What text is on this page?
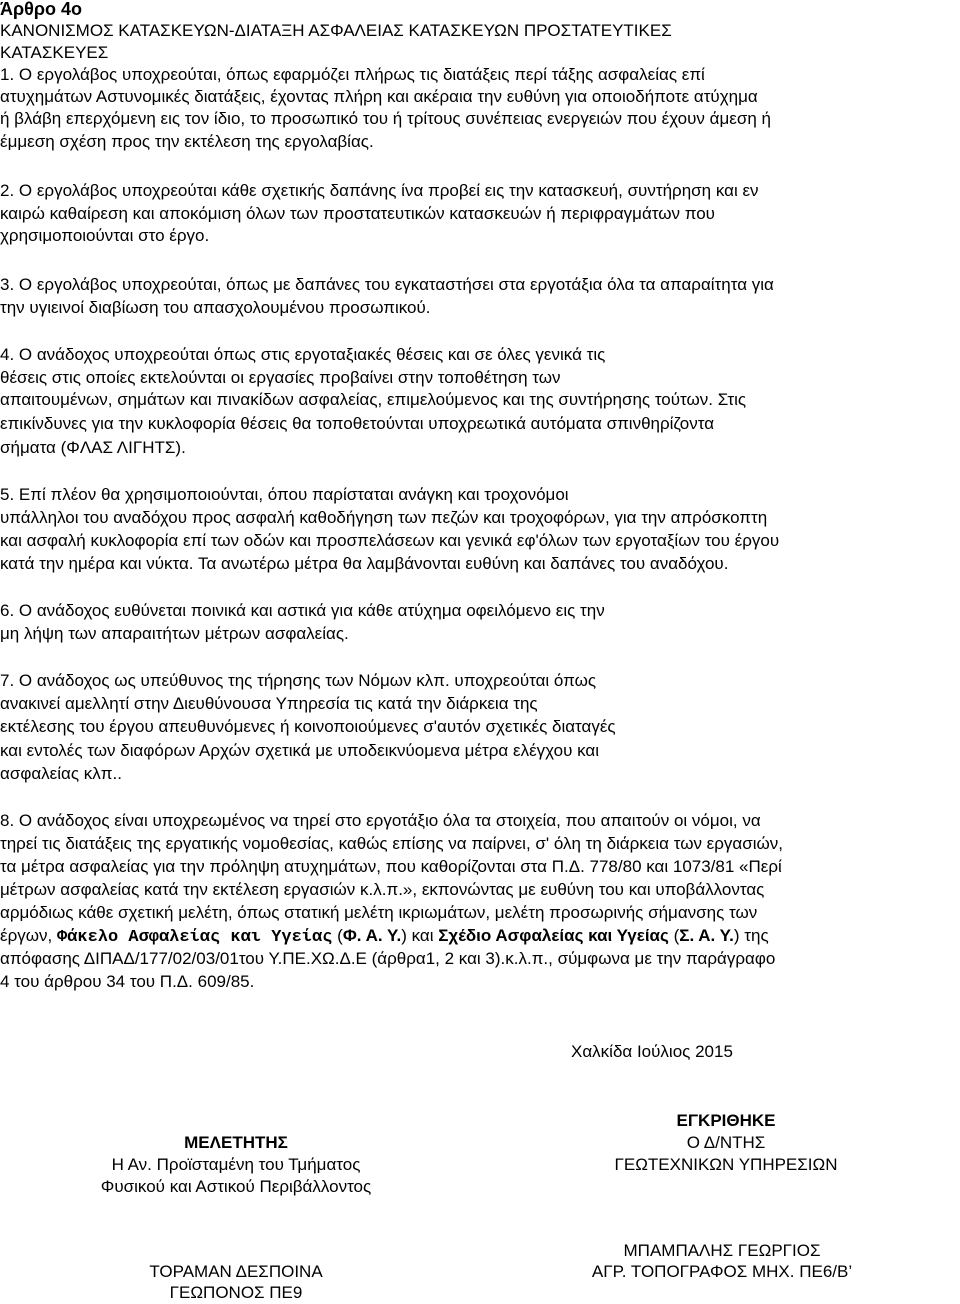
Άρθρο 4ο
ΚΑΝΟΝΙΣΜΟΣ ΚΑΤΑΣΚΕΥΩΝ-ΔΙΑΤΑΞΗ ΑΣΦΑΛΕΙΑΣ ΚΑΤΑΣΚΕΥΩΝ ΠΡΟΣΤΑΤΕΥΤΙΚΕΣ
ΚΑΤΑΣΚΕΥΕΣ
1. Ο εργολάβος υποχρεούται, όπως εφαρμόζει πλήρως τις διατάξεις περί τάξης ασφαλείας επί
ατυχημάτων Αστυνομικές διατάξεις, έχοντας πλήρη και ακέραια την ευθύνη για οποιοδήποτε ατύχημα
ή βλάβη επερχόμενη εις τον ίδιο, το προσωπικό του ή τρίτους συνέπειας ενεργειών που έχουν άμεση ή
έμμεση σχέση προς την εκτέλεση της εργολαβίας.
2. Ο εργολάβος υποχρεούται κάθε σχετικής δαπάνης ίνα προβεί εις την κατασκευή, συντήρηση και εν
καιρώ καθαίρεση και αποκόμιση όλων των προστατευτικών κατασκευών ή περιφραγμάτων που
χρησιμοποιούνται στο έργο.
3. Ο εργολάβος υποχρεούται, όπως με δαπάνες του εγκαταστήσει στα εργοτάξια όλα τα απαραίτητα για
την υγιεινοί διαβίωση του απασχολουμένου προσωπικού.
4. Ο ανάδοχος υποχρεούται όπως στις εργοταξιακές θέσεις και σε όλες γενικά τις
θέσεις στις οποίες εκτελούνται οι εργασίες προβαίνει στην τοποθέτηση των
απαιτουμένων, σημάτων και πινακίδων ασφαλείας, επιμελούμενος και της συντήρησης τούτων. Στις
επικίνδυνες για την κυκλοφορία θέσεις θα τοποθετούνται υποχρεωτικά αυτόματα σπινθηρίζοντα
σήματα (ΦΛΑΣ ΛΙΓΗΤΣ).
5. Επί πλέον θα χρησιμοποιούνται, όπου παρίσταται ανάγκη και τροχονόμοι
υπάλληλοι του αναδόχου προς ασφαλή καθοδήγηση των πεζών και τροχοφόρων, για την απρόσκοπτη
και ασφαλή κυκλοφορία επί των οδών και προσπελάσεων και γενικά εφ'όλων των εργοταξίων του έργου
κατά την ημέρα και νύκτα. Τα ανωτέρω μέτρα θα λαμβάνονται ευθύνη και δαπάνες του αναδόχου.
6. Ο ανάδοχος ευθύνεται ποινικά και αστικά για κάθε ατύχημα οφειλόμενο εις την
μη λήψη των απαραιτήτων μέτρων ασφαλείας.
7. Ο ανάδοχος ως υπεύθυνος της τήρησης των Νόμων κλπ. υποχρεούται όπως
ανακινεί αμελλητί στην Διευθύνουσα Υπηρεσία τις κατά την διάρκεια της
εκτέλεσης του έργου απευθυνόμενες ή κοινοποιούμενες σ'αυτόν σχετικές διαταγές
και εντολές των διαφόρων Αρχών σχετικά με υποδεικνύομενα μέτρα ελέγχου και
ασφαλείας κλπ..
8. Ο ανάδοχος είναι υποχρεωμένος να τηρεί στο εργοτάξιο όλα τα στοιχεία, που απαιτούν οι νόμοι, να
τηρεί τις διατάξεις της εργατικής νομοθεσίας, καθώς επίσης να παίρνει, σ' όλη τη διάρκεια των εργασιών,
τα μέτρα ασφαλείας για την πρόληψη ατυχημάτων, που καθορίζονται στα Π.Δ. 778/80 και 1073/81 «Περί
μέτρων ασφαλείας κατά την εκτέλεση εργασιών κ.λ.π.», εκπονώντας με ευθύνη του και υποβάλλοντας
αρμόδιως κάθε σχετική μελέτη, όπως στατική μελέτη ικριωμάτων, μελέτη προσωρινής σήμανσης των
έργων, Φάκελο Ασφαλείας και Υγείας (Φ. Α. Υ.) και Σχέδιο Ασφαλείας και Υγείας (Σ. Α. Υ.) της
απόφασης ΔΙΠΑΔ/177/02/03/01του Υ.ΠΕ.ΧΩ.Δ.Ε (άρθρα1, 2 και 3).κ.λ.π., σύμφωνα με την παράγραφο
4 του άρθρου 34 του Π.Δ. 609/85.
Χαλκίδα Ιούλιος 2015
ΜΕΛΕΤΗΤΗΣ
Η Αν. Προϊσταμένη του Τμήματος
Φυσικού και Αστικού Περιβάλλοντος
ΤΟΡΑΜΑΝ ΔΕΣΠΟΙΝΑ
ΓΕΩΠΟΝΟΣ ΠΕ9
ΕΓΚΡΙΘΗΚΕ
Ο Δ/ΝΤΗΣ
ΓΕΩΤΕΧΝΙΚΩΝ ΥΠΗΡΕΣΙΩΝ
ΜΠΑΜΠΑΛΗΣ ΓΕΩΡΓΙΟΣ
ΑΓΡ. ΤΟΠΟΓΡΑΦΟΣ ΜΗΧ. ΠΕ6/Β’
